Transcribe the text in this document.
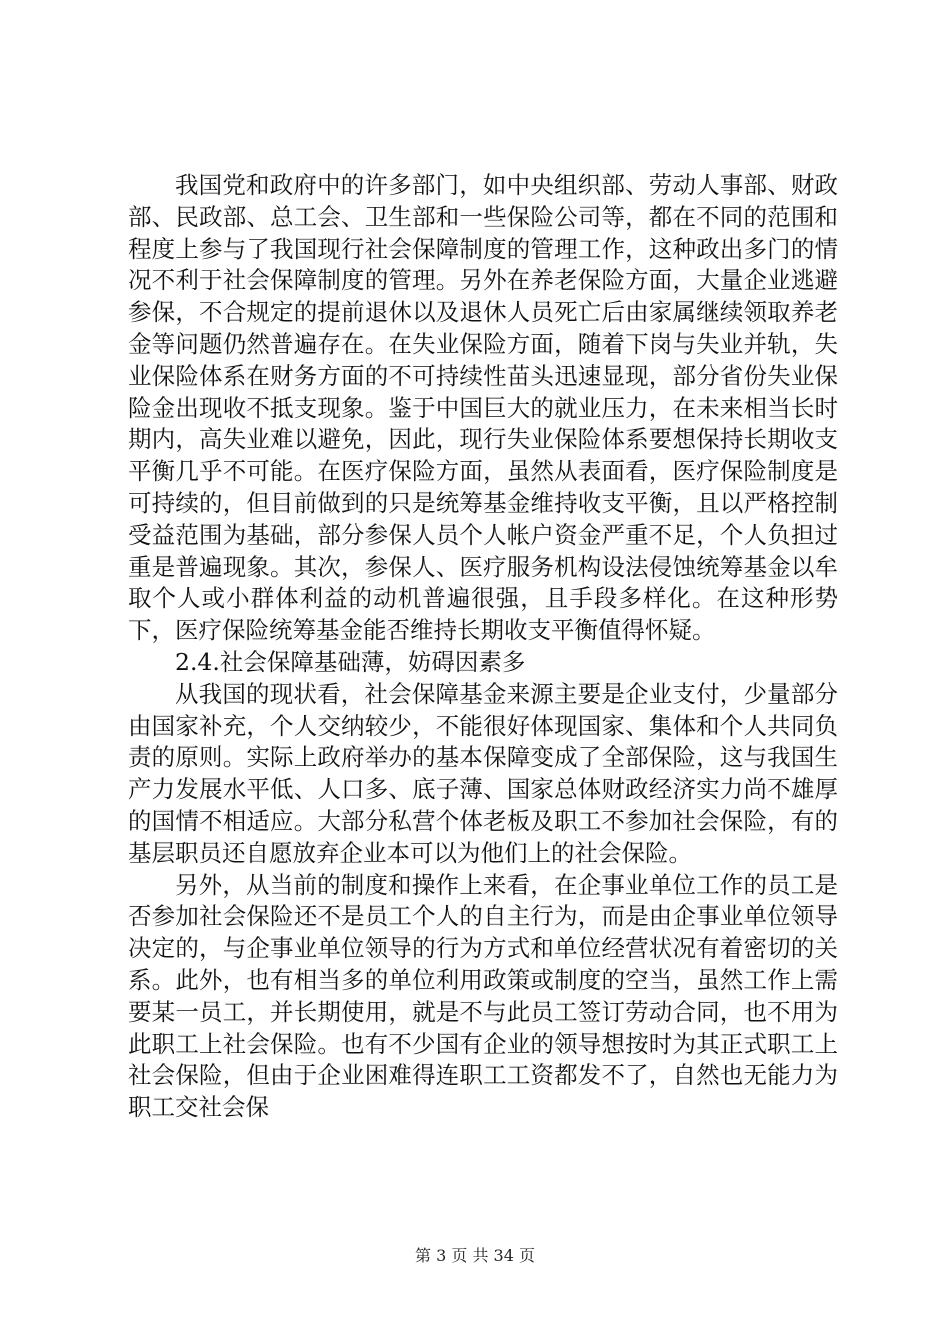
我国党和政府中的许多部门，如中央组织部、劳动人事部、财政部、民政部、总工会、卫生部和一些保险公司等，都在不同的范围和程度上参与了我国现行社会保障制度的管理工作，这种政出多门的情况不利于社会保障制度的管理。另外在养老保险方面，大量企业逃避参保，不合规定的提前退休以及退休人员死亡后由家属继续领取养老金等问题仍然普遍存在。在失业保险方面，随着下岗与失业并轨，失业保险体系在财务方面的不可持续性苗头迅速显现，部分省份失业保险金出现收不抵支现象。鉴于中国巨大的就业压力，在未来相当长时期内，高失业难以避免，因此，现行失业保险体系要想保持长期收支平衡几乎不可能。在医疗保险方面，虽然从表面看，医疗保险制度是可持续的，但目前做到的只是统筹基金维持收支平衡，且以严格控制受益范围为基础，部分参保人员个人帐户资金严重不足，个人负担过重是普遍现象。其次，参保人、医疗服务机构设法侵蚀统筹基金以牟取个人或小群体利益的动机普遍很强，且手段多样化。在这种形势下，医疗保险统筹基金能否维持长期收支平衡值得怀疑。

2.4.社会保障基础薄，妨碍因素多

从我国的现状看，社会保障基金来源主要是企业支付，少量部分由国家补充，个人交纳较少，不能很好体现国家、集体和个人共同负责的原则。实际上政府举办的基本保障变成了全部保险，这与我国生产力发展水平低、人口多、底子薄、国家总体财政经济实力尚不雄厚的国情不相适应。大部分私营个体老板及职工不参加社会保险，有的基层职员还自愿放弃企业本可以为他们上的社会保险。

另外，从当前的制度和操作上来看，在企事业单位工作的员工是否参加社会保险还不是员工个人的自主行为，而是由企事业单位领导决定的，与企事业单位领导的行为方式和单位经营状况有着密切的关系。此外，也有相当多的单位利用政策或制度的空当，虽然工作上需要某一员工，并长期使用，就是不与此员工签订劳动合同，也不用为此职工上社会保险。也有不少国有企业的领导想按时为其正式职工上社会保险，但由于企业困难得连职工工资都发不了，自然也无能力为职工交社会保

第 3 页 共 34 页
